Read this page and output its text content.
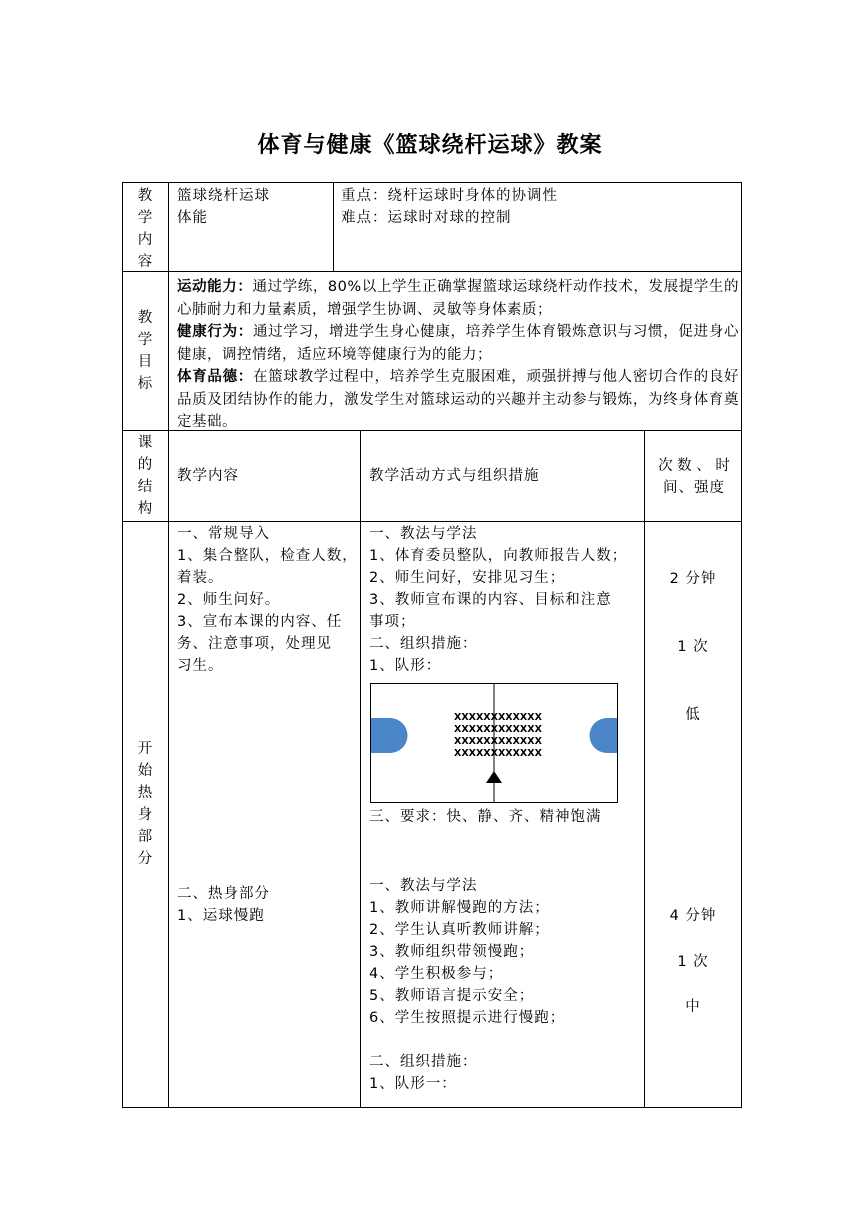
体育与健康《篮球绕杆运球》教案
教学内容
篮球绕杆运球
体能
重点：绕杆运球时身体的协调性
难点：运球时对球的控制
教学目标
运动能力：通过学练，80%以上学生正确掌握篮球运球绕杆动作技术，发展提学生的心肺耐力和力量素质，增强学生协调、灵敏等身体素质；
健康行为：通过学习，增进学生身心健康，培养学生体育锻炼意识与习惯，促进身心健康，调控情绪，适应环境等健康行为的能力；
体育品德：在篮球教学过程中，培养学生克服困难，顽强拼搏与他人密切合作的良好品质及团结协作的能力，激发学生对篮球运动的兴趣并主动参与锻炼，为终身体育奠定基础。
课的结构
教学内容	教学活动方式与组织措施
次 数 、 时
间、强度
开始热身部分
一、常规导入
1、集合整队，检查人数，
着装。
2、师生问好。
3、宣布本课的内容、任
务、注意事项，处理见
习生。
二、热身部分
1、运球慢跑
一、教法与学法
1、体育委员整队，向教师报告人数；
2、师生问好，安排见习生；
3、教师宣布课的内容、目标和注意
事项；
二、组织措施：
1、队形：
XXXXXXXXXXXX
XXXXXXXXXXXX
XXXXXXXXXXXX
XXXXXXXXXXXX
三、要求：快、静、齐、精神饱满
一、教法与学法
1、教师讲解慢跑的方法；
2、学生认真听教师讲解；
3、教师组织带领慢跑；
4、学生积极参与；
5、教师语言提示安全；
6、学生按照提示进行慢跑；
二、组织措施：
1、队形一：
2 分钟
1 次
低
4 分钟
1 次
中
